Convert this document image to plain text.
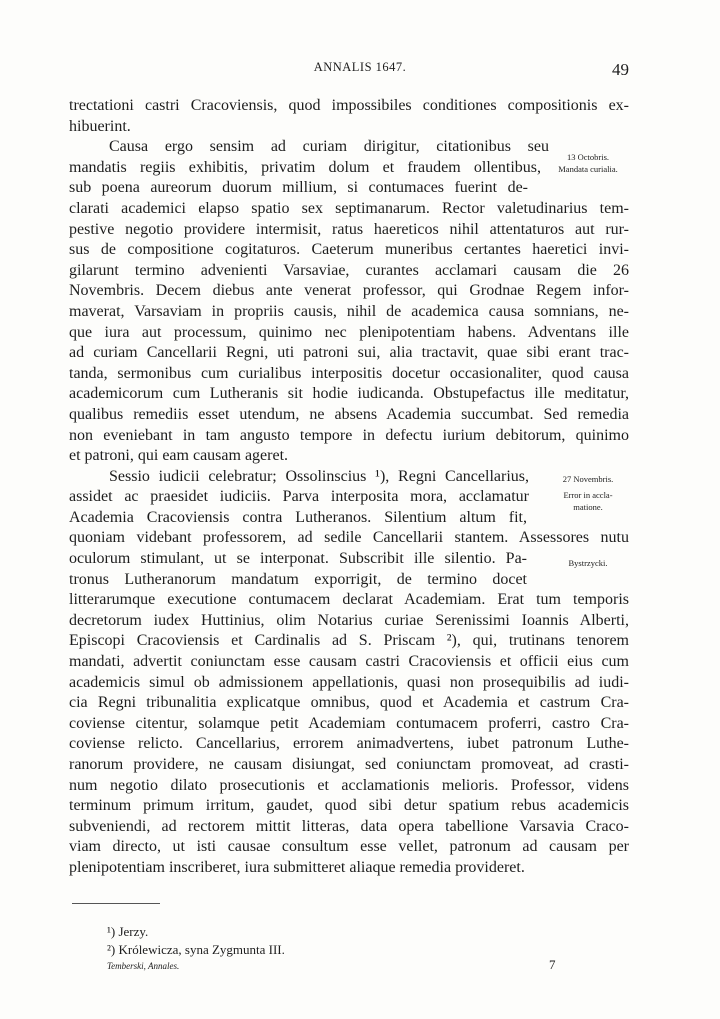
ANNALIS 1647.	49
trectationi castri Cracoviensis, quod impossibiles conditiones compositionis ex-
hibuerint.
Causa ergo sensim ad curiam dirigitur, citationibus seu
mandatis regiis exhibitis, privatim dolum et fraudem ollentibus,
sub poena aureorum duorum millium, si contumaces fuerint de-
clarati academici elapso spatio sex septimanarum. Rector valetudinarius tem-
pestive negotio providere intermisit, ratus haereticos nihil attentaturos aut rur-
sus de compositione cogitaturos. Caeterum muneribus certantes haeretici invi-
gilarunt termino advenienti Varsaviae, curantes acclamari causam die 26
Novembris. Decem diebus ante venerat professor, qui Grodnae Regem infor-
maverat, Varsaviam in propriis causis, nihil de academica causa somnians, ne-
que iura aut processum, quinimo nec plenipotentiam habens. Adventans ille
ad curiam Cancellarii Regni, uti patroni sui, alia tractavit, quae sibi erant trac-
tanda, sermonibus cum curialibus interpositis docetur occasionaliter, quod causa
academicorum cum Lutheranis sit hodie iudicanda. Obstupefactus ille meditatur,
qualibus remediis esset utendum, ne absens Academia succumbat. Sed remedia
non eveniebant in tam angusto tempore in defectu iurium debitorum, quinimo
et patroni, qui eam causam ageret.
Sessio iudicii celebratur; Ossolinscius ¹), Regni Cancellarius,
assidet ac praesidet iudiciis. Parva interposita mora, acclamatur
Academia Cracoviensis contra Lutheranos. Silentium altum fit,
quoniam videbant professorem, ad sedile Cancellarii stantem. Assessores nutu
oculorum stimulant, ut se interponat. Subscribit ille silentio. Pa-
tronus Lutheranorum mandatum exporrigit, de termino docet
litterarumque executione contumacem declarat Academiam. Erat tum temporis
decretorum iudex Huttinius, olim Notarius curiae Serenissimi Ioannis Alberti,
Episcopi Cracoviensis et Cardinalis ad S. Priscam ²), qui, trutinans tenorem
mandati, advertit coniunctam esse causam castri Cracoviensis et officii eius cum
academicis simul ob admissionem appellationis, quasi non prosequibilis ad iudi-
cia Regni tribunalitia explicatque omnibus, quod et Academia et castrum Cra-
coviense citentur, solamque petit Academiam contumacem proferri, castro Cra-
coviense relicto. Cancellarius, errorem animadvertens, iubet patronum Luthe-
ranorum providere, ne causam disiungat, sed coniunctam promoveat, ad crasti-
num negotio dilato prosecutionis et acclamationis melioris. Professor, videns
terminum primum irritum, gaudet, quod sibi detur spatium rebus academicis
subveniendi, ad rectorem mittit litteras, data opera tabellione Varsavia Craco-
viam directo, ut isti causae consultum esse vellet, patronum ad causam per
plenipotentiam inscriberet, iura submitteret aliaque remedia provideret.
13 Octobris.
Mandata curialia.
27 Novembris.
Error in accla-
matione.
Bystrzycki.
¹) Jerzy.
²) Królewicza, syna Zygmunta III.
Temberski, Annales.	7
